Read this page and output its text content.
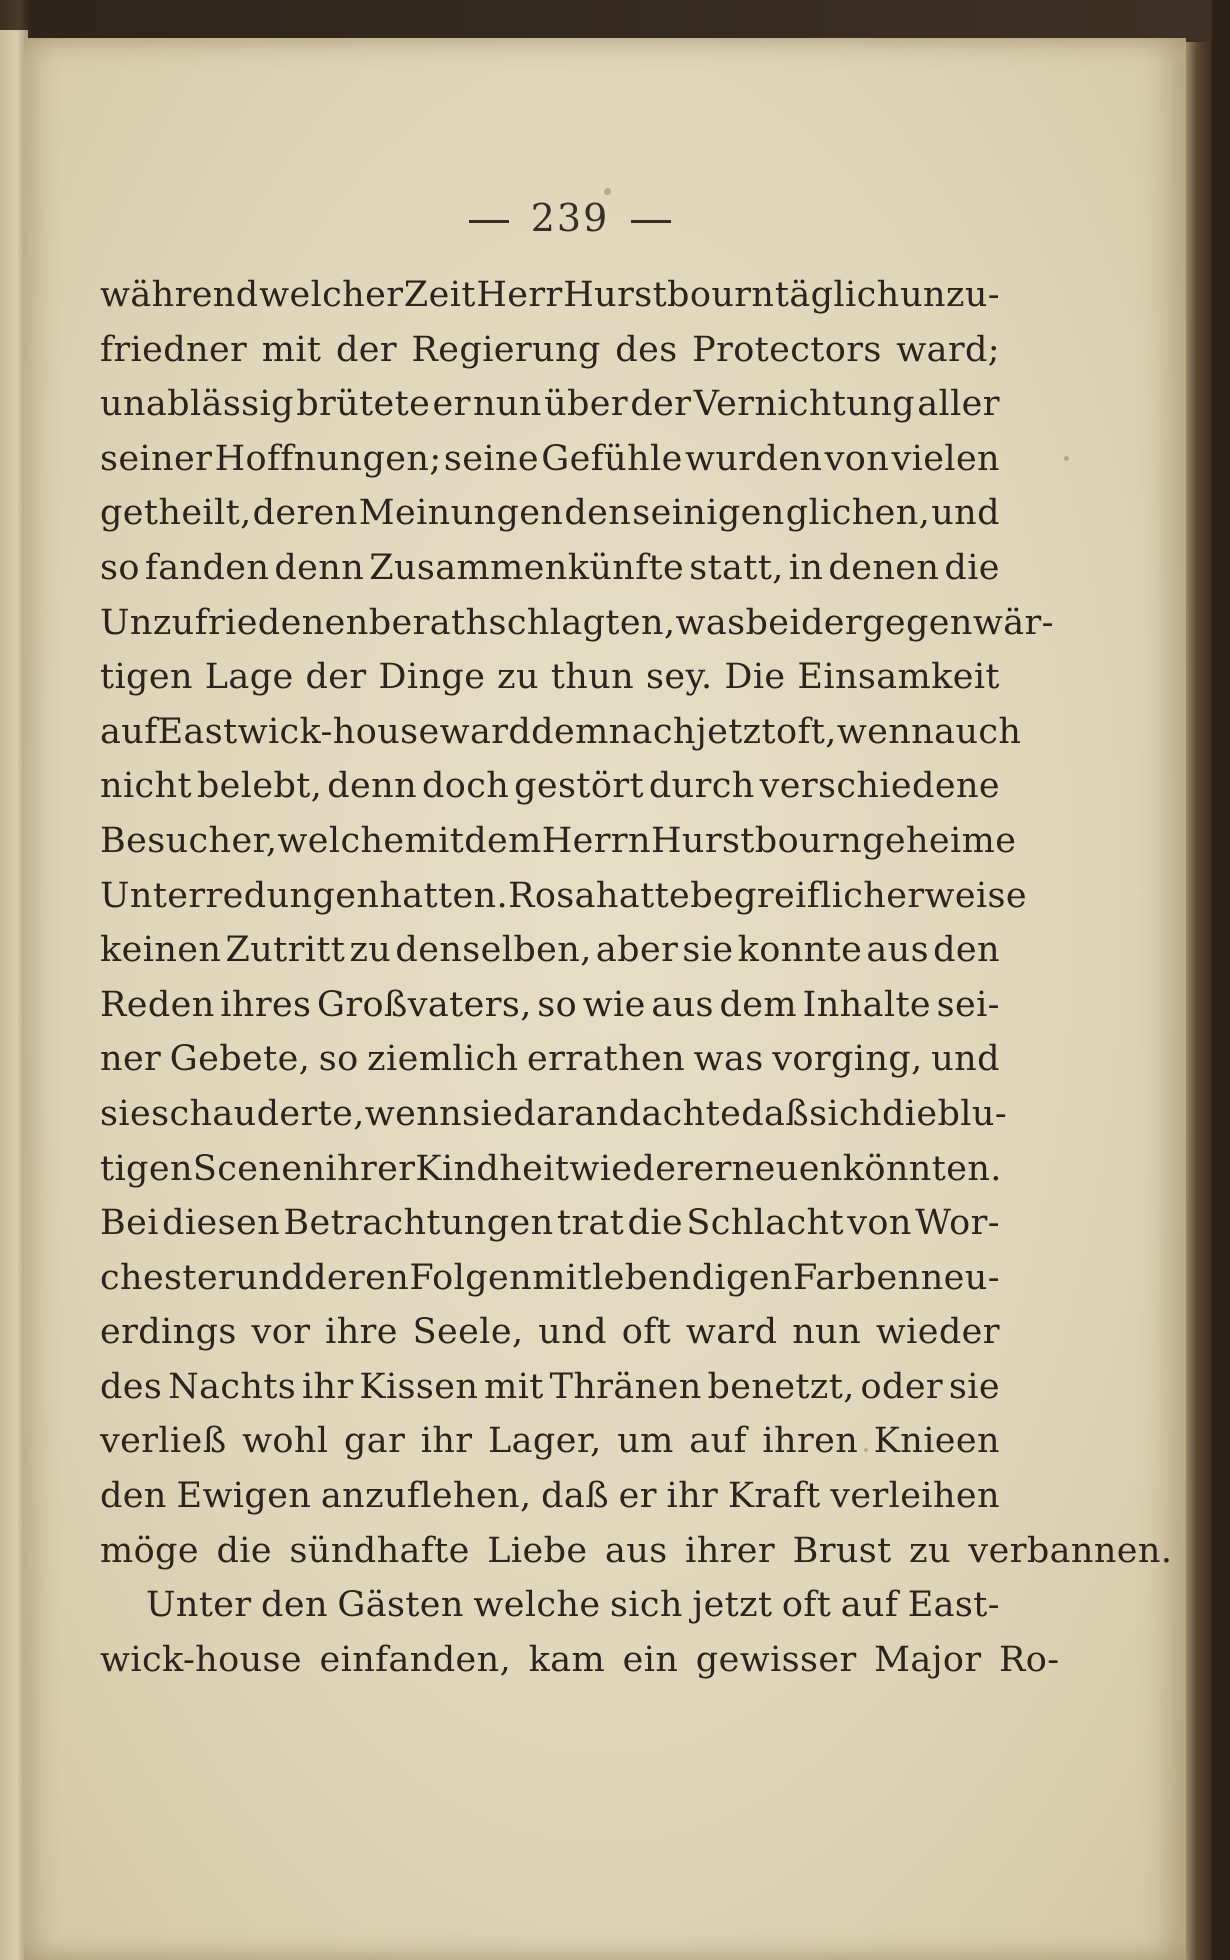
239
während welcher Zeit Herr Hurstbourn täglich unzu-
friedner mit der Regierung des Protectors ward;
unablässig brütete er nun über der Vernichtung aller
seiner Hoffnungen; seine Gefühle wurden von vielen
getheilt, deren Meinungen den seinigen glichen, und
so fanden denn Zusammenkünfte statt, in denen die
Unzufriedenen berathschlagten, was bei der gegenwär-
tigen Lage der Dinge zu thun sey. Die Einsamkeit
auf Eastwick-house ward demnach jetzt oft, wenn auch
nicht belebt, denn doch gestört durch verschiedene
Besucher, welche mit dem Herrn Hurstbourn geheime
Unterredungen hatten. Rosa hatte begreiflicherweise
keinen Zutritt zu denselben, aber sie konnte aus den
Reden ihres Großvaters, so wie aus dem Inhalte sei-
ner Gebete, so ziemlich errathen was vorging, und
sie schauderte, wenn sie daran dachte daß sich die blu-
tigen Scenen ihrer Kindheit wieder erneuen könnten.
Bei diesen Betrachtungen trat die Schlacht von Wor-
chester und deren Folgen mit lebendigen Farben neu-
erdings vor ihre Seele, und oft ward nun wieder
des Nachts ihr Kissen mit Thränen benetzt, oder sie
verließ wohl gar ihr Lager, um auf ihren Knieen
den Ewigen anzuflehen, daß er ihr Kraft verleihen
möge die sündhafte Liebe aus ihrer Brust zu verbannen.
Unter den Gästen welche sich jetzt oft auf East-
wick-house einfanden, kam ein gewisser Major Ro-
